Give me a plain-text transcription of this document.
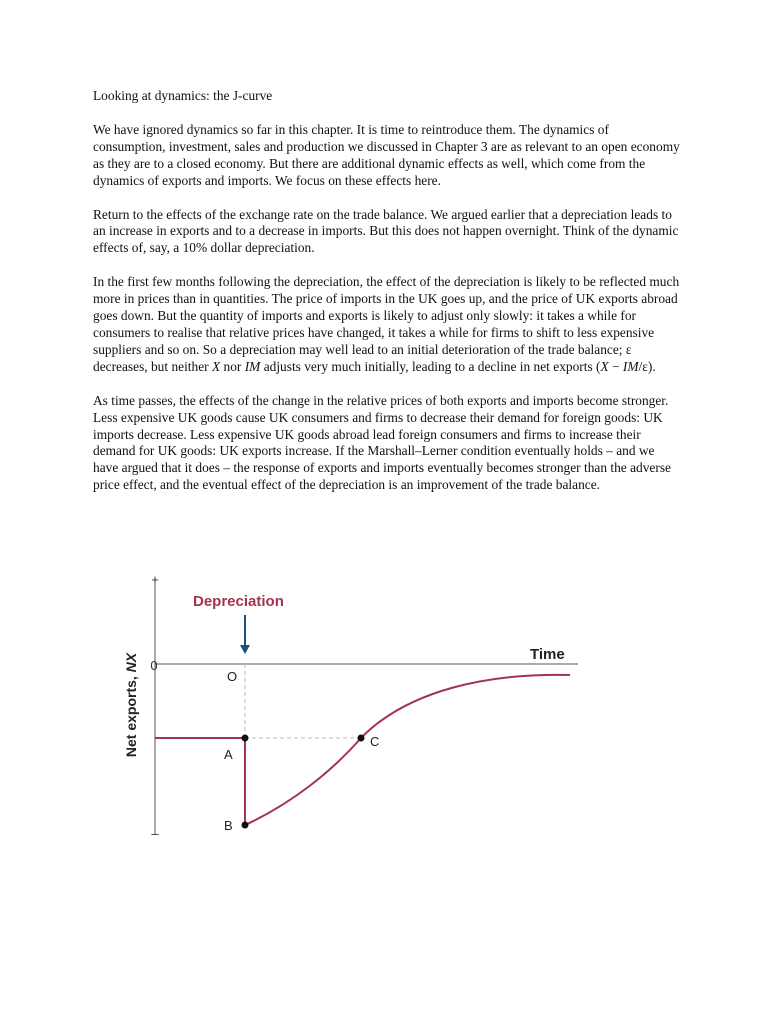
Looking at dynamics: the J-curve

We have ignored dynamics so far in this chapter. It is time to reintroduce them. The dynamics of consumption, investment, sales and production we discussed in Chapter 3 are as relevant to an open economy as they are to a closed economy. But there are additional dynamic effects as well, which come from the dynamics of exports and imports. We focus on these effects here.

Return to the effects of the exchange rate on the trade balance. We argued earlier that a depreciation leads to an increase in exports and to a decrease in imports. But this does not happen overnight. Think of the dynamic effects of, say, a 10% dollar depreciation.

In the first few months following the depreciation, the effect of the depreciation is likely to be reflected much more in prices than in quantities. The price of imports in the UK goes up, and the price of UK exports abroad goes down. But the quantity of imports and exports is likely to adjust only slowly: it takes a while for consumers to realise that relative prices have changed, it takes a while for firms to shift to less expensive suppliers and so on. So a depreciation may well lead to an initial deterioration of the trade balance; ε decreases, but neither X nor IM adjusts very much initially, leading to a decline in net exports (X − IM/ε).

As time passes, the effects of the change in the relative prices of both exports and imports become stronger. Less expensive UK goods cause UK consumers and firms to decrease their demand for foreign goods: UK imports decrease. Less expensive UK goods abroad lead foreign consumers and firms to increase their demand for UK goods: UK exports increase. If the Marshall–Lerner condition eventually holds – and we have argued that it does – the response of exports and imports eventually becomes stronger than the adverse price effect, and the eventual effect of the depreciation is an improvement of the trade balance.

+
0
–
Net exports, NX	Time
Depreciation
O
A
B
C
